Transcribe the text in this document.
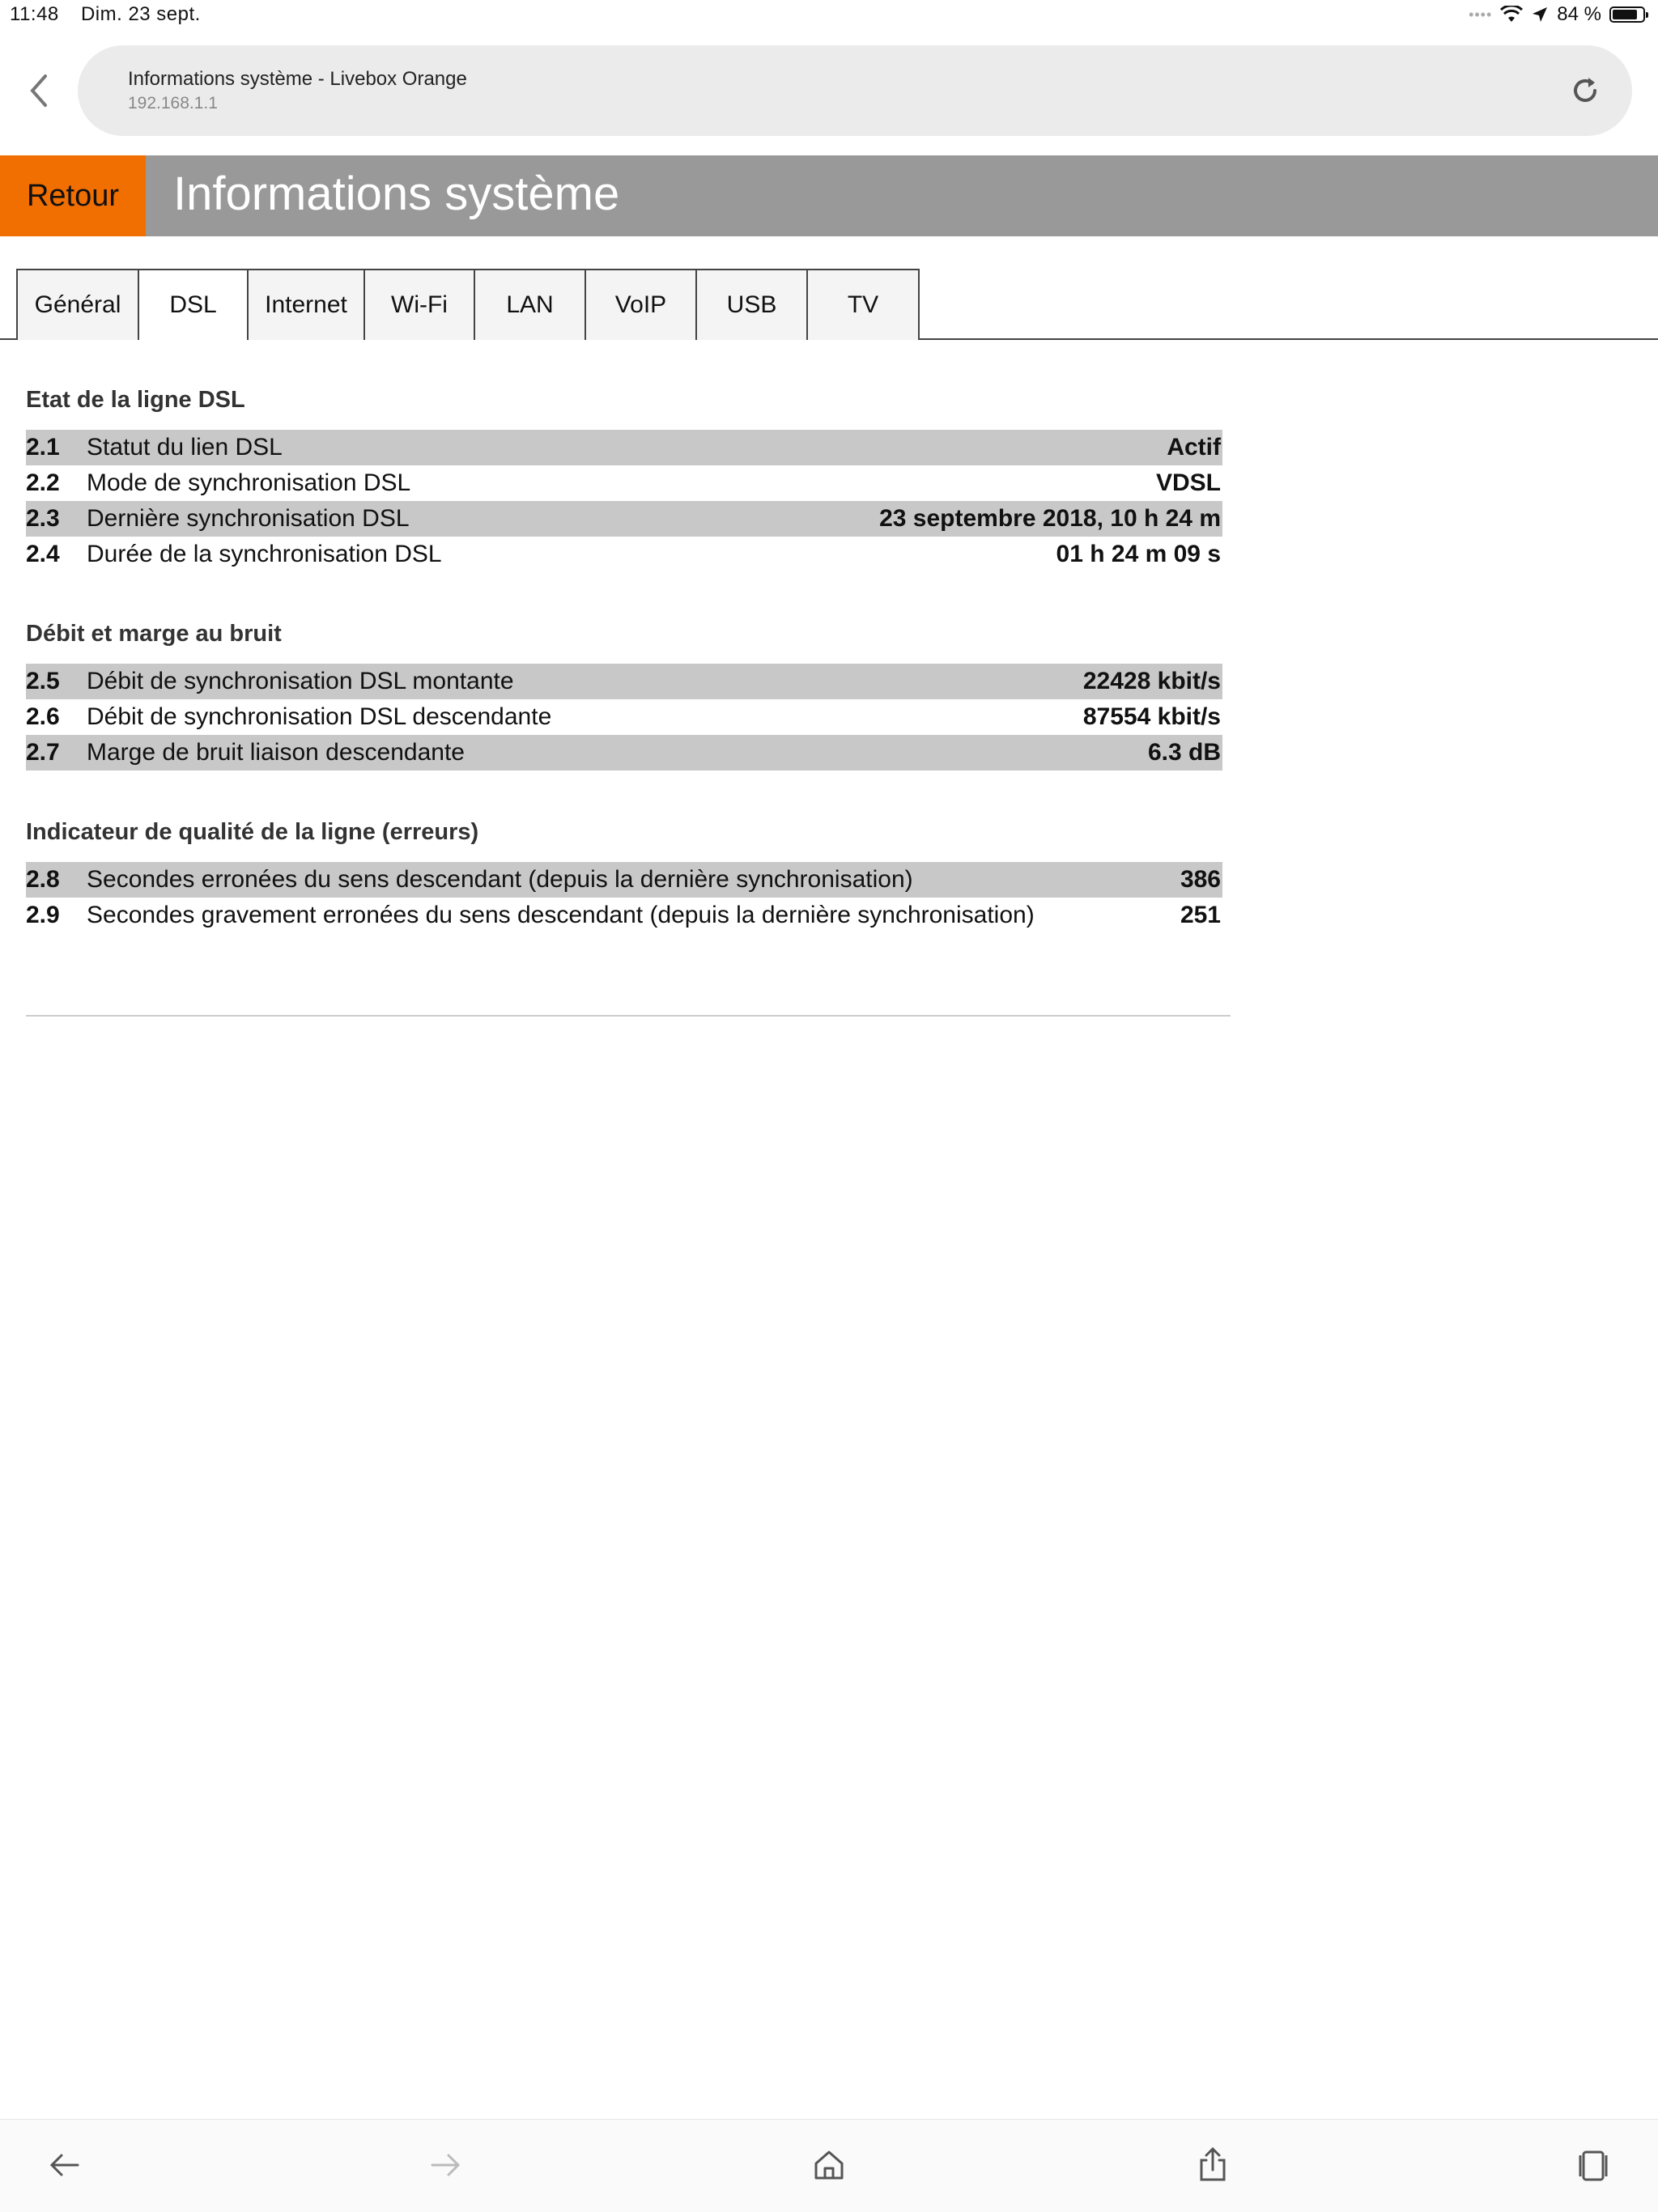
11:48 Dim. 23 sept.	••••	84 %
Informations système - Livebox Orange
192.168.1.1
Retour	Informations système
Général	DSL	Internet	Wi-Fi	LAN	VoIP	USB	TV
Etat de la ligne DSL
2.1	Statut du lien DSL	Actif
2.2	Mode de synchronisation DSL	VDSL
2.3	Dernière synchronisation DSL	23 septembre 2018, 10 h 24 m
2.4	Durée de la synchronisation DSL	01 h 24 m 09 s
Débit et marge au bruit
2.5	Débit de synchronisation DSL montante	22428 kbit/s
2.6	Débit de synchronisation DSL descendante	87554 kbit/s
2.7	Marge de bruit liaison descendante	6.3 dB
Indicateur de qualité de la ligne (erreurs)
2.8	Secondes erronées du sens descendant (depuis la dernière synchronisation)	386
2.9	Secondes gravement erronées du sens descendant (depuis la dernière synchronisation)	251
